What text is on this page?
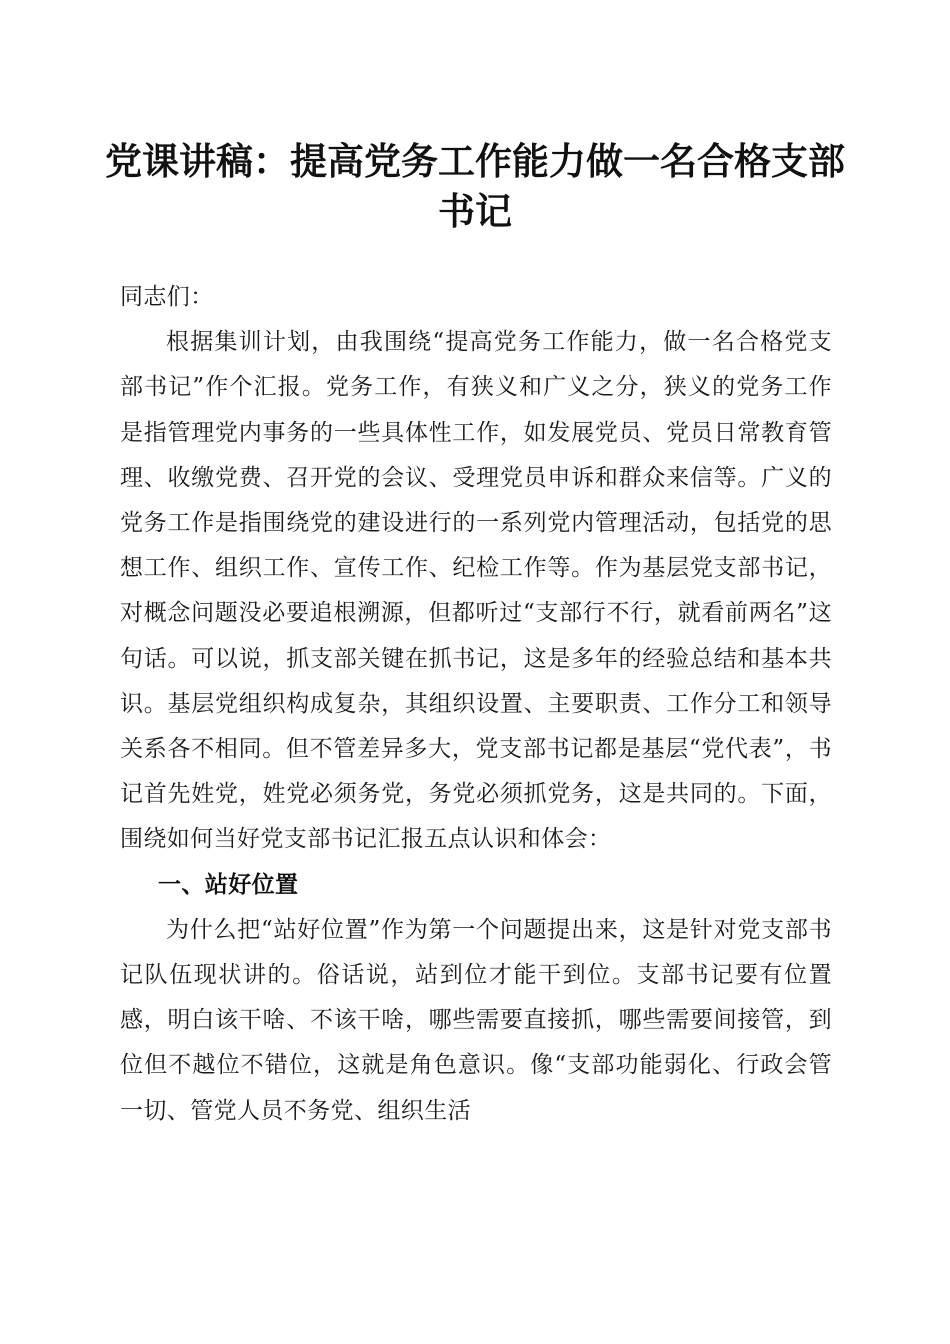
党课讲稿：提高党务工作能力做一名合格支部
书记

同志们：

根据集训计划，由我围绕“提高党务工作能力，做一名合格党支部书记”作个汇报。党务工作，有狭义和广义之分，狭义的党务工作是指管理党内事务的一些具体性工作，如发展党员、党员日常教育管理、收缴党费、召开党的会议、受理党员申诉和群众来信等。广义的党务工作是指围绕党的建设进行的一系列党内管理活动，包括党的思想工作、组织工作、宣传工作、纪检工作等。作为基层党支部书记，对概念问题没必要追根溯源，但都听过“支部行不行，就看前两名”这句话。可以说，抓支部关键在抓书记，这是多年的经验总结和基本共识。基层党组织构成复杂，其组织设置、主要职责、工作分工和领导关系各不相同。但不管差异多大，党支部书记都是基层“党代表”，书记首先姓党，姓党必须务党，务党必须抓党务，这是共同的。下面，围绕如何当好党支部书记汇报五点认识和体会：

一、站好位置

为什么把“站好位置”作为第一个问题提出来，这是针对党支部书记队伍现状讲的。俗话说，站到位才能干到位。支部书记要有位置感，明白该干啥、不该干啥，哪些需要直接抓，哪些需要间接管，到位但不越位不错位，这就是角色意识。像“支部功能弱化、行政会管一切、管党人员不务党、组织生活
